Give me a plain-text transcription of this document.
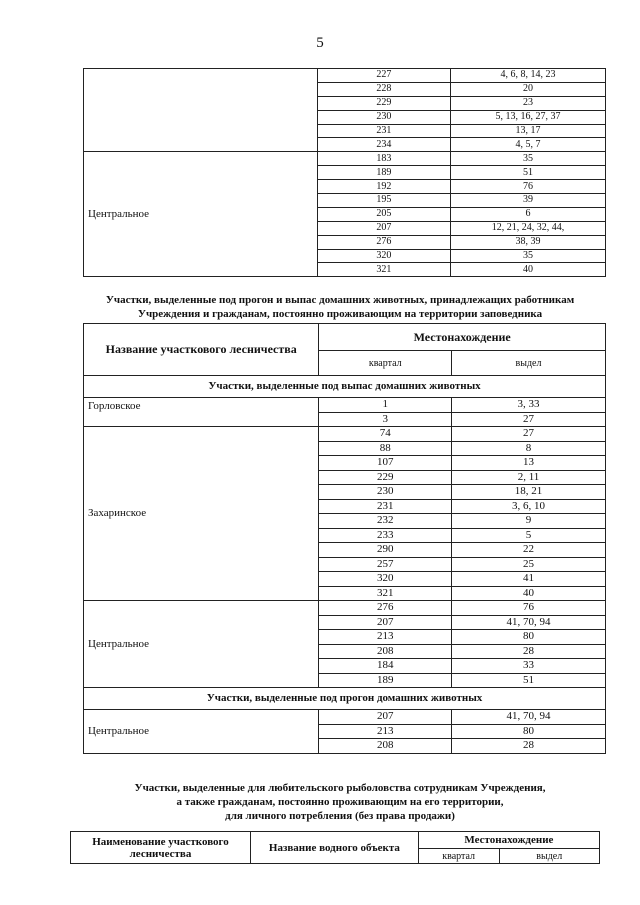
5
	227	4, 6, 8, 14, 23
	228	20
	229	23
	230	5, 13, 16, 27, 37
	231	13, 17
	234	4, 5, 7
Центральное	183	35
	189	51
	192	76
	195	39
	205	6
	207	12, 21, 24, 32, 44,
	276	38, 39
	320	35
	321	40
Участки, выделенные под прогон и выпас домашних животных, принадлежащих работникам
Учреждения и гражданам, постоянно проживающим на территории заповедника
Название участкового лесничества	Местонахождение	
	квартал	выдел
Участки, выделенные под выпас домашних животных		
Горловское	1	3, 33
	3	27
Захаринское	74	27
	88	8
	107	13
	229	2, 11
	230	18, 21
	231	3, 6, 10
	232	9
	233	5
	290	22
	257	25
	320	41
	321	40
Центральное	276	76
	207	41, 70, 94
	213	80
	208	28
	184	33
	189	51
Участки, выделенные под прогон домашних животных		
Центральное	207	41, 70, 94
	213	80
	208	28
Участки, выделенные для любительского рыболовства сотрудникам Учреждения,
а также гражданам, постоянно проживающим на его территории,
для личного потребления (без права продажи)
Наименование участкового
лесничества	Название водного объекта	Местонахождение	
		квартал	выдел
